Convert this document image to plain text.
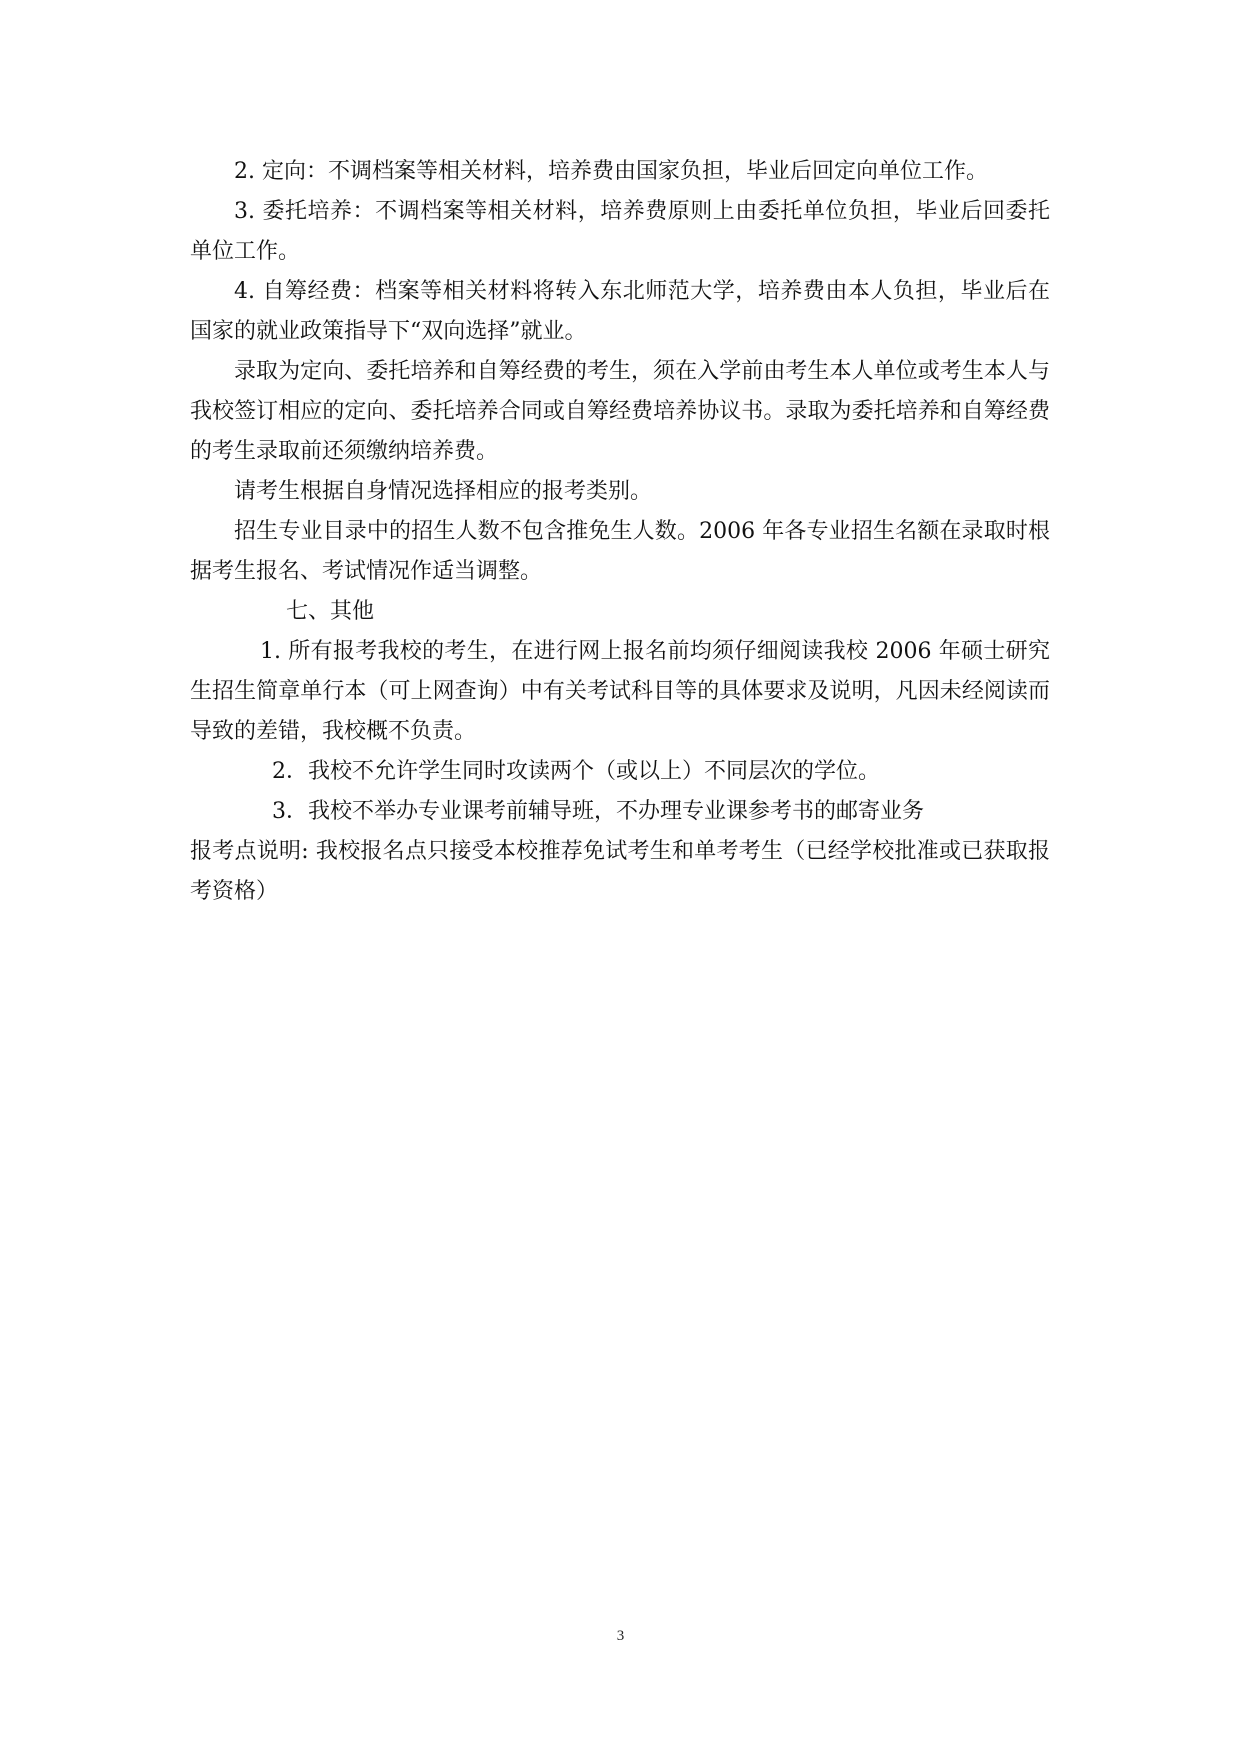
2. 定向：不调档案等相关材料，培养费由国家负担，毕业后回定向单位工作。

3. 委托培养：不调档案等相关材料，培养费原则上由委托单位负担，毕业后回委托单位工作。

4. 自筹经费：档案等相关材料将转入东北师范大学，培养费由本人负担，毕业后在国家的就业政策指导下“双向选择”就业。

录取为定向、委托培养和自筹经费的考生，须在入学前由考生本人单位或考生本人与我校签订相应的定向、委托培养合同或自筹经费培养协议书。录取为委托培养和自筹经费的考生录取前还须缴纳培养费。

请考生根据自身情况选择相应的报考类别。

招生专业目录中的招生人数不包含推免生人数。2006 年各专业招生名额在录取时根据考生报名、考试情况作适当调整。

七、其他

1. 所有报考我校的考生，在进行网上报名前均须仔细阅读我校 2006 年硕士研究生招生简章单行本（可上网查询）中有关考试科目等的具体要求及说明，凡因未经阅读而导致的差错，我校概不负责。

2．我校不允许学生同时攻读两个（或以上）不同层次的学位。

3．我校不举办专业课考前辅导班，不办理专业课参考书的邮寄业务

报考点说明: 我校报名点只接受本校推荐免试考生和单考考生（已经学校批准或已获取报考资格）

3
